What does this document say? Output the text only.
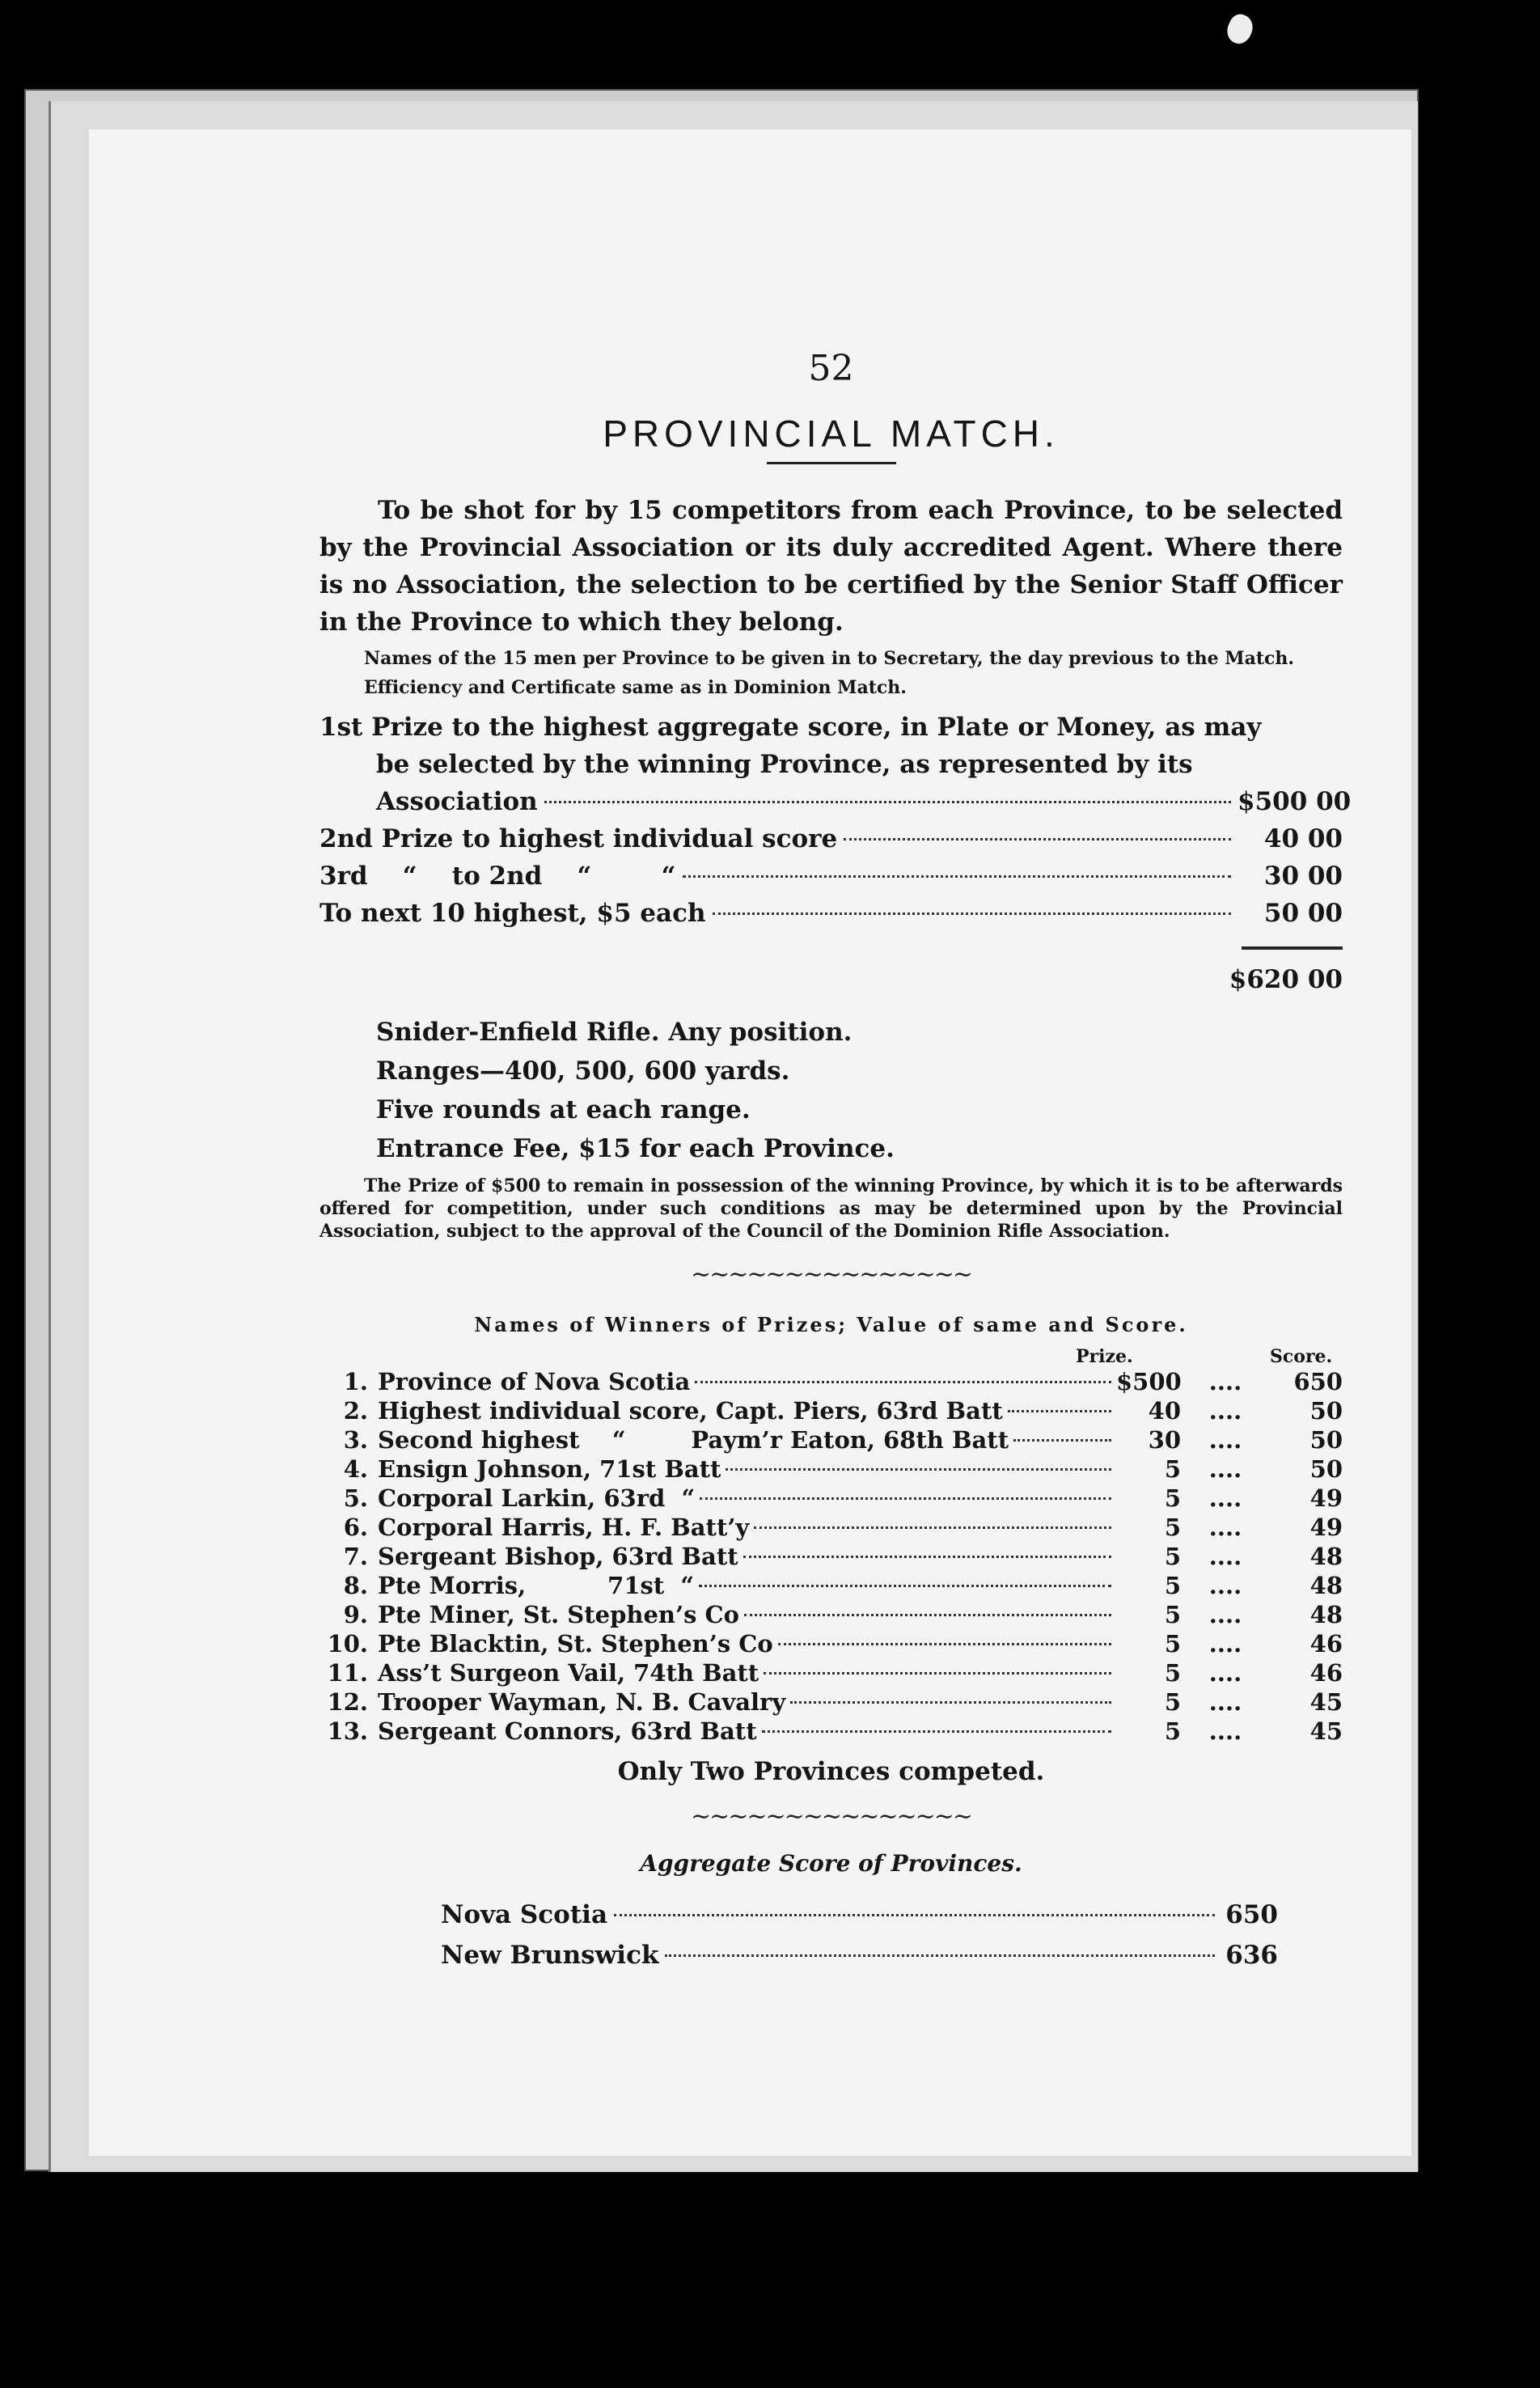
52
PROVINCIAL MATCH.

To be shot for by 15 competitors from each Province, to be selected by the Provincial Association or its duly accredited Agent. Where there is no Association, the selection to be certified by the Senior Staff Officer in the Province to which they belong.

Names of the 15 men per Province to be given in to Secretary, the day previous to the Match.

Efficiency and Certificate same as in Dominion Match.

1st Prize to the highest aggregate score, in Plate or Money, as may
be selected by the winning Province, as represented by its
Association	$500 00
2nd Prize to highest individual score	40 00
3rd    “    to 2nd    “        “	30 00
To next 10 highest, $5 each	50 00
$620 00
Snider-Enfield Rifle. Any position.
Ranges—400, 500, 600 yards.
Five rounds at each range.
Entrance Fee, $15 for each Province.

The Prize of $500 to remain in possession of the winning Province, by which it is to be afterwards offered for competition, under such conditions as may be determined upon by the Provincial Association, subject to the approval of the Council of the Dominion Rifle Association.

∼∼∼∼∼∼∼∼∼∼∼∼∼∼∼
Names of Winners of Prizes; Value of same and Score.
Prize.	Score.
1. Province of Nova Scotia	$500	....	650
2. Highest individual score, Capt. Piers, 63rd Batt	40	....	50
3. Second highest    “        Paym’r Eaton, 68th Batt	30	....	50
4. Ensign Johnson, 71st Batt	5	....	50
5. Corporal Larkin, 63rd  “	5	....	49
6. Corporal Harris, H. F. Batt’y	5	....	49
7. Sergeant Bishop, 63rd Batt	5	....	48
8. Pte Morris,          71st  “	5	....	48
9. Pte Miner, St. Stephen’s Co	5	....	48
10. Pte Blacktin, St. Stephen’s Co	5	....	46
11. Ass’t Surgeon Vail, 74th Batt	5	....	46
12. Trooper Wayman, N. B. Cavalry	5	....	45
13. Sergeant Connors, 63rd Batt	5	....	45
Only Two Provinces competed.
∼∼∼∼∼∼∼∼∼∼∼∼∼∼∼
Aggregate Score of Provinces.
Nova Scotia	650
New Brunswick	636
